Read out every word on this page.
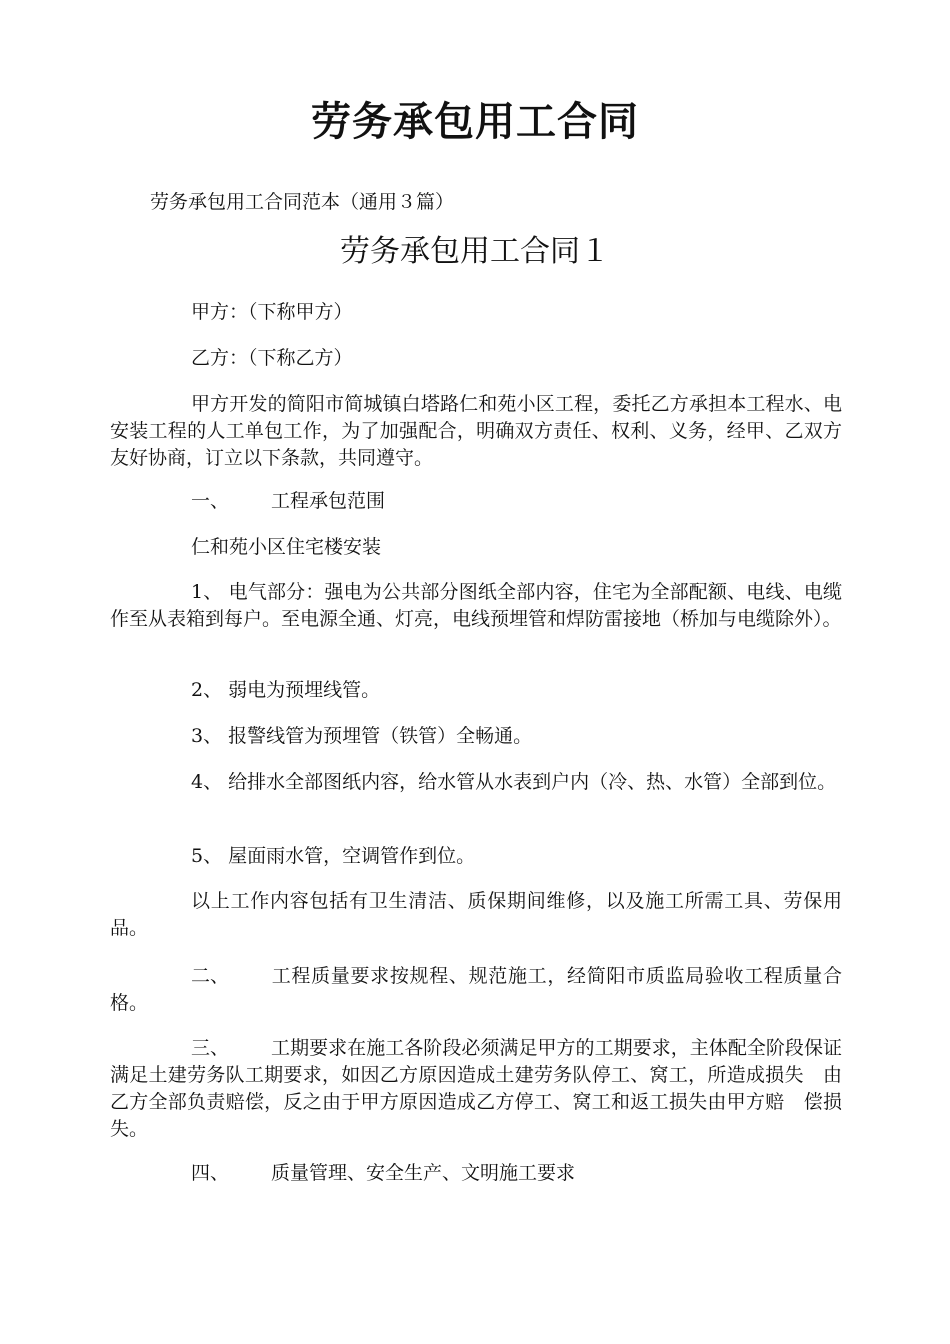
劳务承包用工合同
劳务承包用工合同范本（通用３篇）
劳务承包用工合同１

甲方：（下称甲方）

乙方：（下称乙方）

甲方开发的简阳市简城镇白塔路仁和苑小区工程，委托乙方承担本工程水、电安装工程的人工单包工作，为了加强配合，明确双方责任、权利、义务，经甲、乙双方友好协商，订立以下条款，共同遵守。

一、 工程承包范围

仁和苑小区住宅楼安装

1、 电气部分：强电为公共部分图纸全部内容，住宅为全部配额、电线、电缆作至从表箱到每户。至电源全通、灯亮，电线预埋管和焊防雷接地（桥加与电缆除外）。

2、 弱电为预埋线管。

3、 报警线管为预埋管（铁管）全畅通。

4、 给排水全部图纸内容，给水管从水表到户内（冷、热、水管）全部到位。

5、 屋面雨水管，空调管作到位。

以上工作内容包括有卫生清洁、质保期间维修，以及施工所需工具、劳保用品。

二、 工程质量要求按规程、规范施工，经简阳市质监局验收工程质量合　格。
三、 工期要求在施工各阶段必须满足甲方的工期要求，主体配全阶段保证　满足土建劳务队工期要求，如因乙方原因造成土建劳务队停工、窝工，所造成损失　由乙方全部负责赔偿，反之由于甲方原因造成乙方停工、窝工和返工损失由甲方赔　偿损失。
四、 质量管理、安全生产、文明施工要求
